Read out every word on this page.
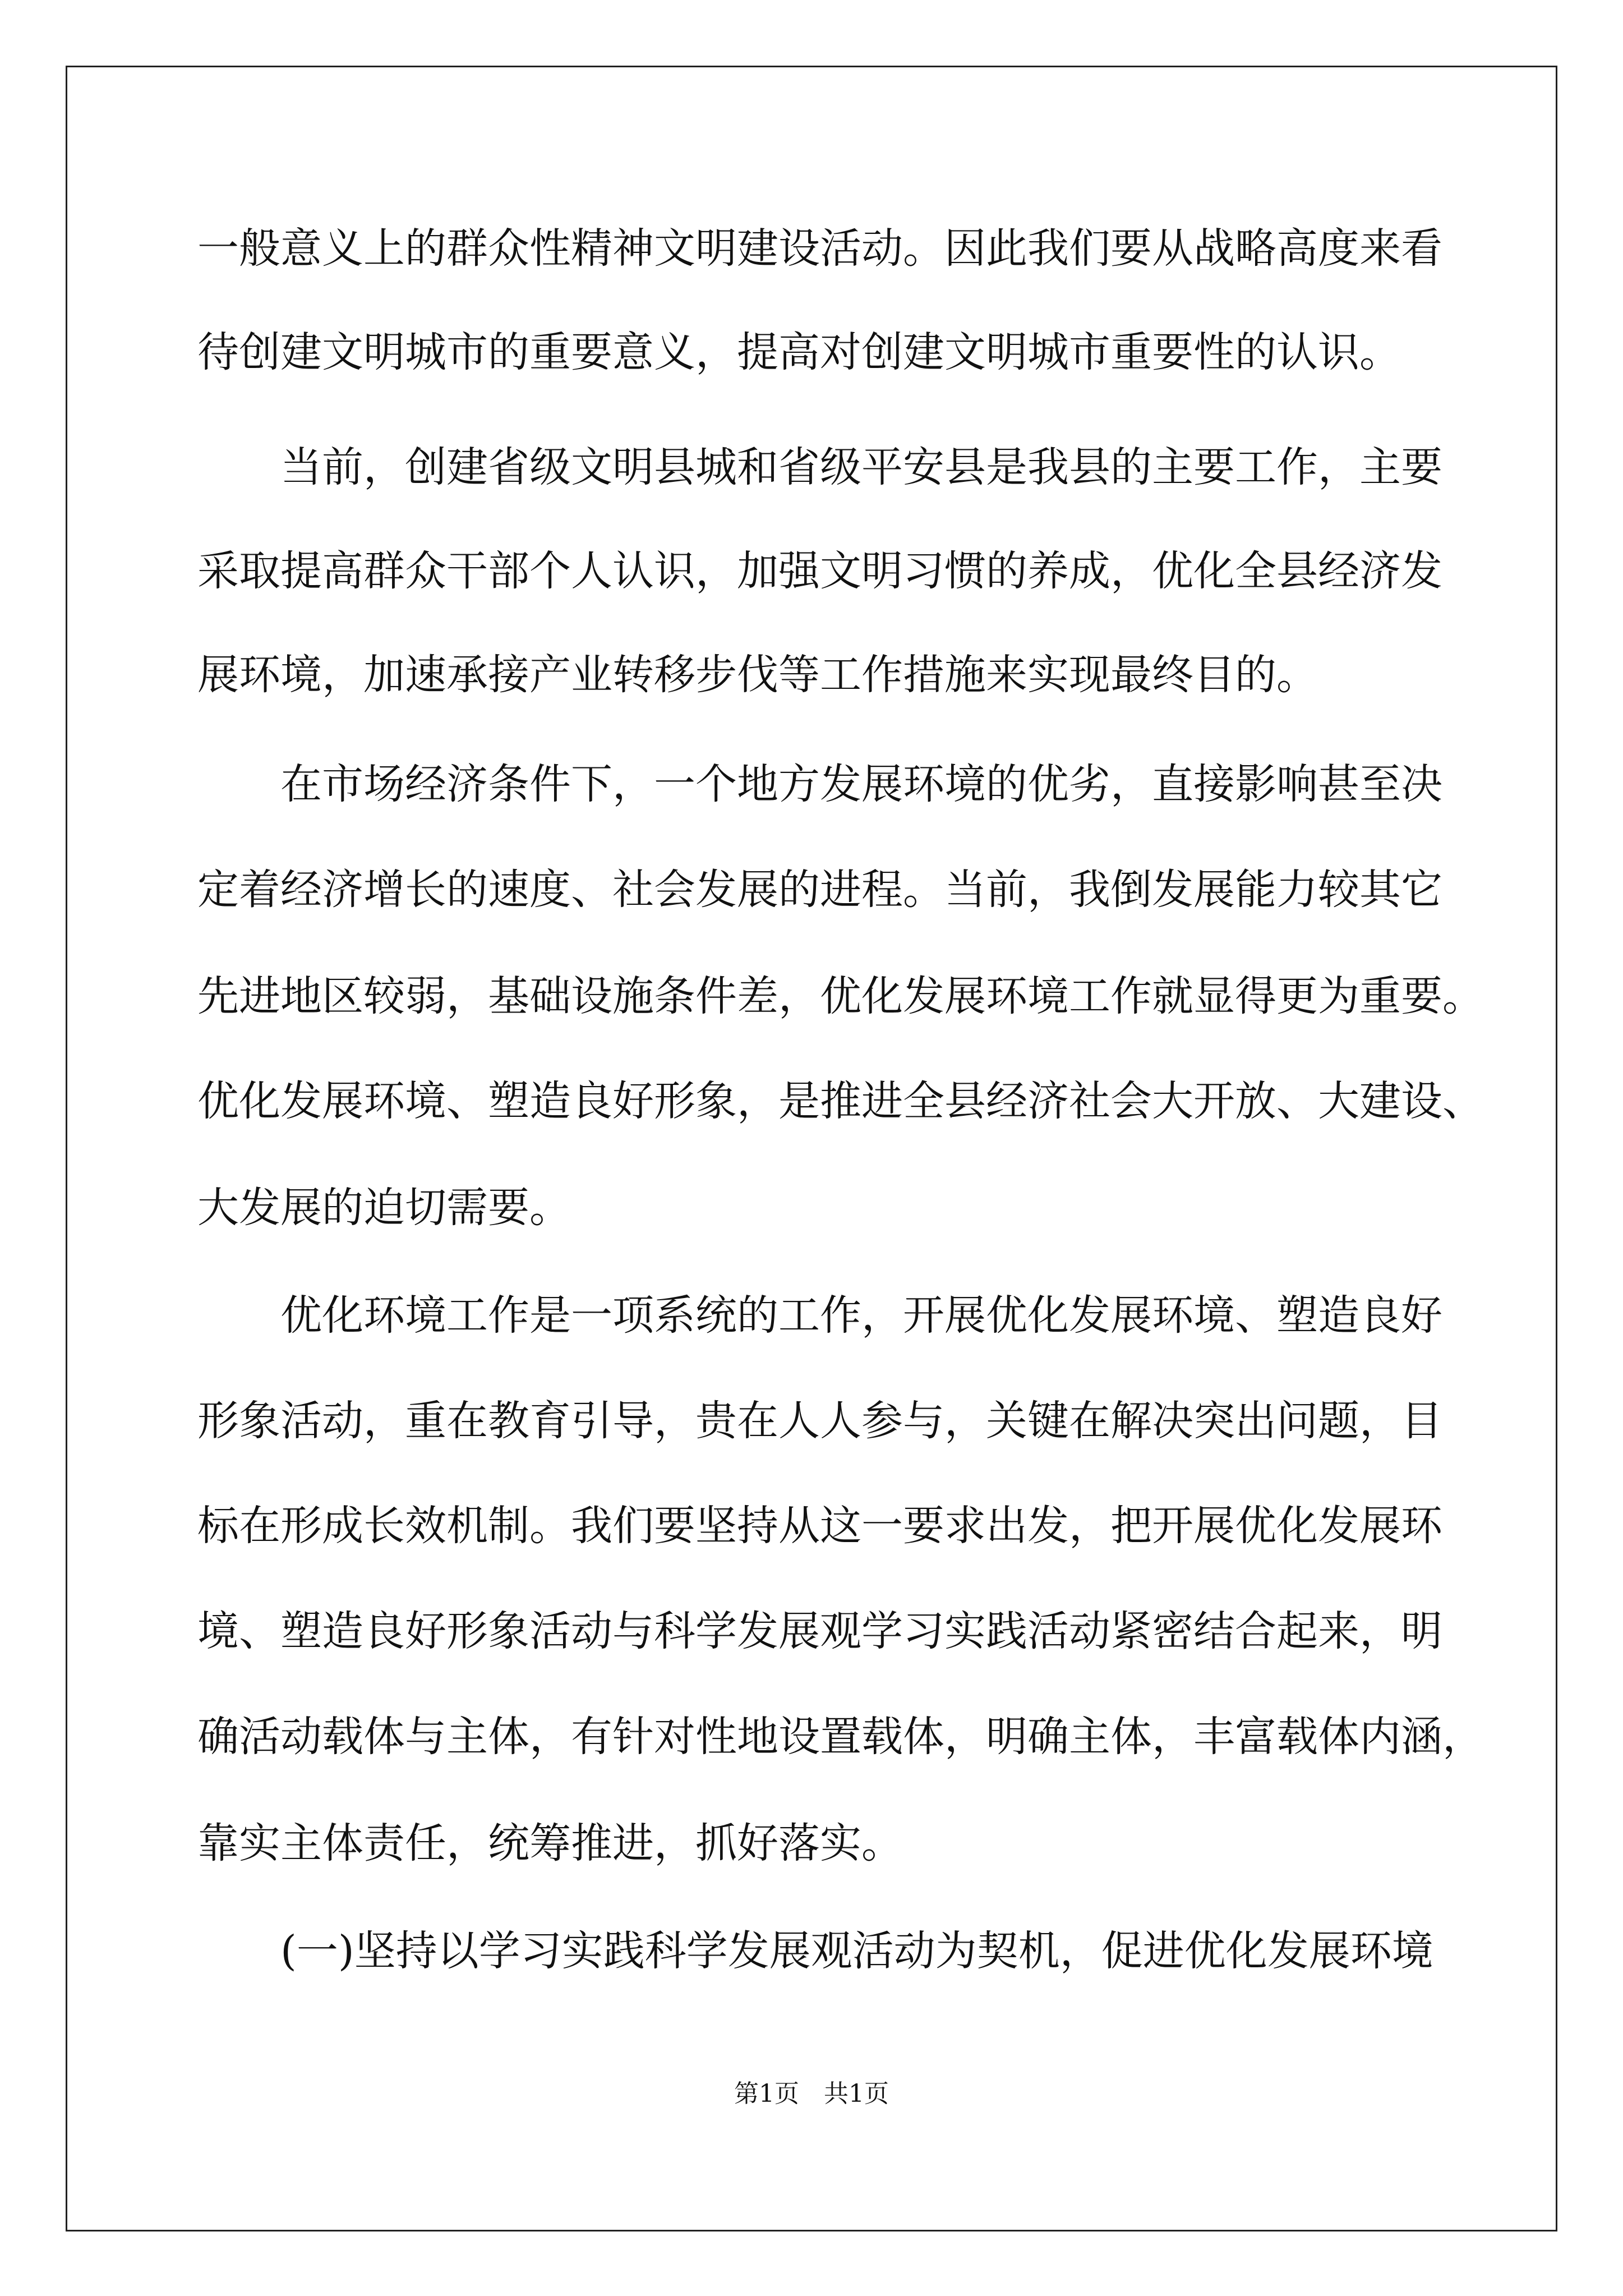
一般意义上的群众性精神文明建设活动。因此我们要从战略高度来看
待创建文明城市的重要意义，提高对创建文明城市重要性的认识。
当前，创建省级文明县城和省级平安县是我县的主要工作，主要
采取提高群众干部个人认识，加强文明习惯的养成，优化全县经济发
展环境，加速承接产业转移步伐等工作措施来实现最终目的。
在市场经济条件下，一个地方发展环境的优劣，直接影响甚至决
定着经济增长的速度、社会发展的进程。当前，我倒发展能力较其它
先进地区较弱，基础设施条件差，优化发展环境工作就显得更为重要。
优化发展环境、塑造良好形象，是推进全县经济社会大开放、大建设、
大发展的迫切需要。
优化环境工作是一项系统的工作，开展优化发展环境、塑造良好
形象活动，重在教育引导，贵在人人参与，关键在解决突出问题，目
标在形成长效机制。我们要坚持从这一要求出发，把开展优化发展环
境、塑造良好形象活动与科学发展观学习实践活动紧密结合起来，明
确活动载体与主体，有针对性地设置载体，明确主体，丰富载体内涵，
靠实主体责任，统筹推进，抓好落实。
(一)坚持以学习实践科学发展观活动为契机，促进优化发展环境
第1页 共1页
